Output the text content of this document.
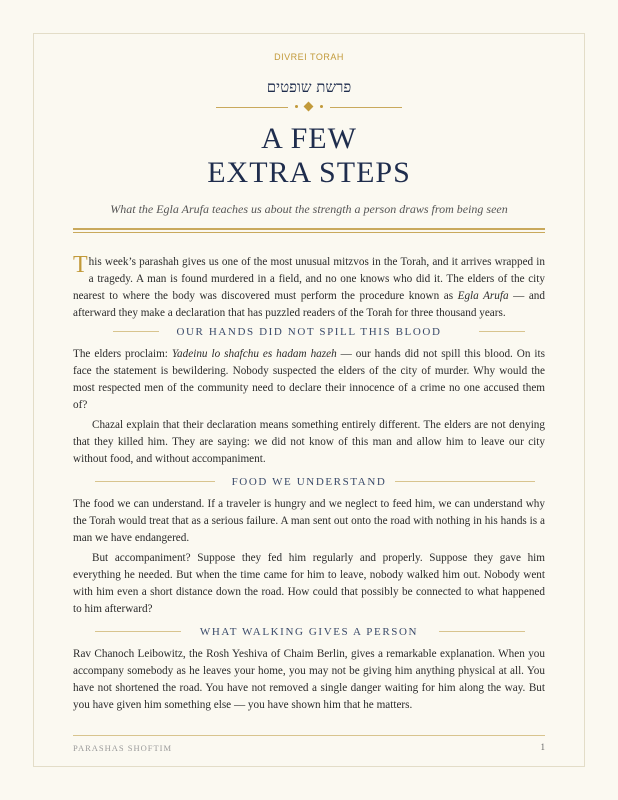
DIVREI TORAH
פרשת שופטים
A FEW
EXTRA STEPS
What the Egla Arufa teaches us about the strength a person draws from being seen

This week’s parashah gives us one of the most unusual mitzvos in the Torah, and it arrives wrapped in a tragedy. A man is found murdered in a field, and no one knows who did it. The elders of the city nearest to where the body was discovered must perform the procedure known as Egla Arufa — and afterward they make a declaration that has puzzled readers of the Torah for three thousand years.

OUR HANDS DID NOT SPILL THIS BLOOD

The elders proclaim: Yadeinu lo shafchu es hadam hazeh — our hands did not spill this blood. On its face the statement is bewildering. Nobody suspected the elders of the city of murder. Why would the most respected men of the community need to declare their innocence of a crime no one accused them of?

Chazal explain that their declaration means something entirely different. The elders are not denying that they killed him. They are saying: we did not know of this man and allow him to leave our city without food, and without accompaniment.

FOOD WE UNDERSTAND

The food we can understand. If a traveler is hungry and we neglect to feed him, we can understand why the Torah would treat that as a serious failure. A man sent out onto the road with nothing in his hands is a man we have endangered.

But accompaniment? Suppose they fed him regularly and properly. Suppose they gave him everything he needed. But when the time came for him to leave, nobody walked him out. Nobody went with him even a short distance down the road. How could that possibly be connected to what happened to him afterward?

WHAT WALKING GIVES A PERSON

Rav Chanoch Leibowitz, the Rosh Yeshiva of Chaim Berlin, gives a remarkable explanation. When you accompany somebody as he leaves your home, you may not be giving him anything physical at all. You have not shortened the road. You have not removed a single danger waiting for him along the way. But you have given him something else — you have shown him that he matters.

PARASHAS SHOFTIM	1
